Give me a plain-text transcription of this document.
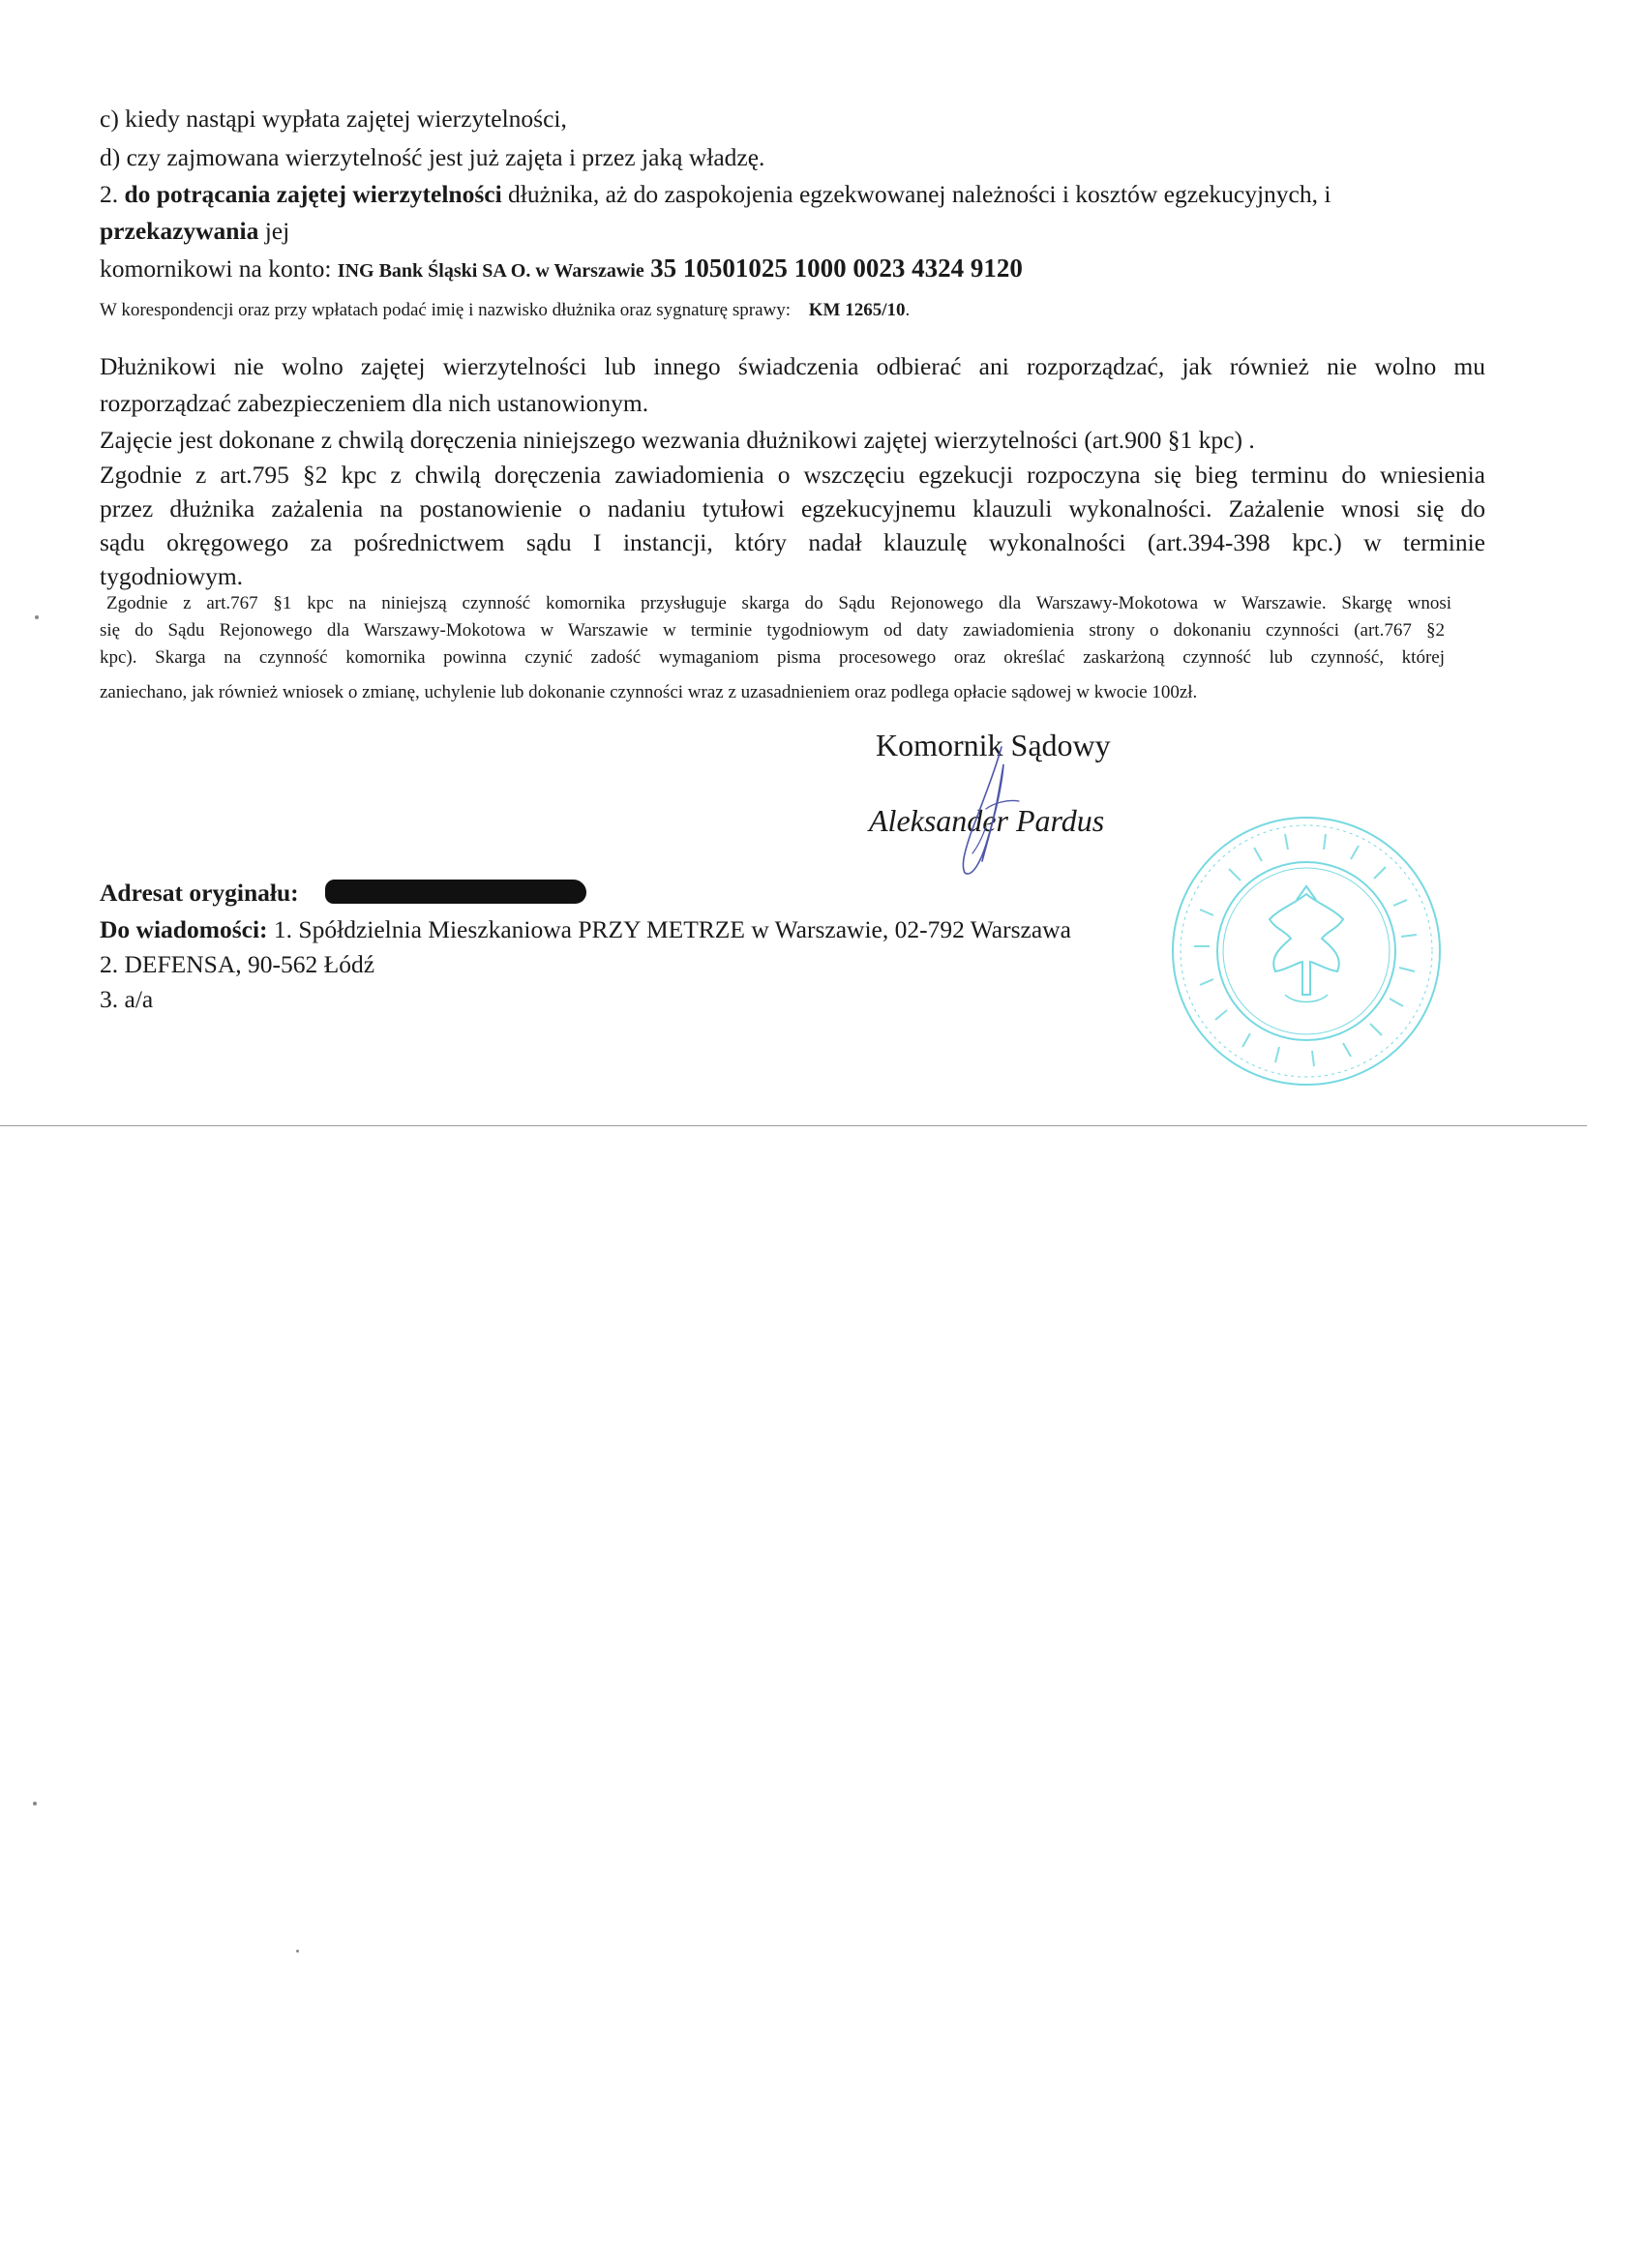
c) kiedy nastąpi wypłata zajętej wierzytelności,
d) czy zajmowana wierzytelność jest już zajęta i przez jaką władzę.
2. do potrącania zajętej wierzytelności dłużnika, aż do zaspokojenia egzekwowanej należności i kosztów egzekucyjnych, i
przekazywania jej
komornikowi na konto: ING Bank Śląski SA O. w Warszawie 35 10501025 1000 0023 4324 9120
W korespondencji oraz przy wpłatach podać imię i nazwisko dłużnika oraz sygnaturę sprawy: KM 1265/10.
Dłużnikowi nie wolno zajętej wierzytelności lub innego świadczenia odbierać ani rozporządzać, jak również nie wolno mu
rozporządzać zabezpieczeniem dla nich ustanowionym.
Zajęcie jest dokonane z chwilą doręczenia niniejszego wezwania dłużnikowi zajętej wierzytelności (art.900 §1 kpc) .
Zgodnie z art.795 §2 kpc z chwilą doręczenia zawiadomienia o wszczęciu egzekucji rozpoczyna się bieg terminu do wniesienia
przez dłużnika zażalenia na postanowienie o nadaniu tytułowi egzekucyjnemu klauzuli wykonalności. Zażalenie wnosi się do
sądu okręgowego za pośrednictwem sądu I instancji, który nadał klauzulę wykonalności (art.394-398 kpc.) w terminie
tygodniowym.
Zgodnie z art.767 §1 kpc na niniejszą czynność komornika przysługuje skarga do Sądu Rejonowego dla Warszawy-Mokotowa w Warszawie. Skargę wnosi
się do Sądu Rejonowego dla Warszawy-Mokotowa w Warszawie w terminie tygodniowym od daty zawiadomienia strony o dokonaniu czynności (art.767 §2
kpc). Skarga na czynność komornika powinna czynić zadość wymaganiom pisma procesowego oraz określać zaskarżoną czynność lub czynność, której
zaniechano, jak również wniosek o zmianę, uchylenie lub dokonanie czynności wraz z uzasadnieniem oraz podlega opłacie sądowej w kwocie 100zł.
Komornik Sądowy
Aleksander Pardus
Adresat oryginału:
Do wiadomości: 1. Spółdzielnia Mieszkaniowa PRZY METRZE w Warszawie, 02-792 Warszawa
2. DEFENSA, 90-562 Łódź
3. a/a
